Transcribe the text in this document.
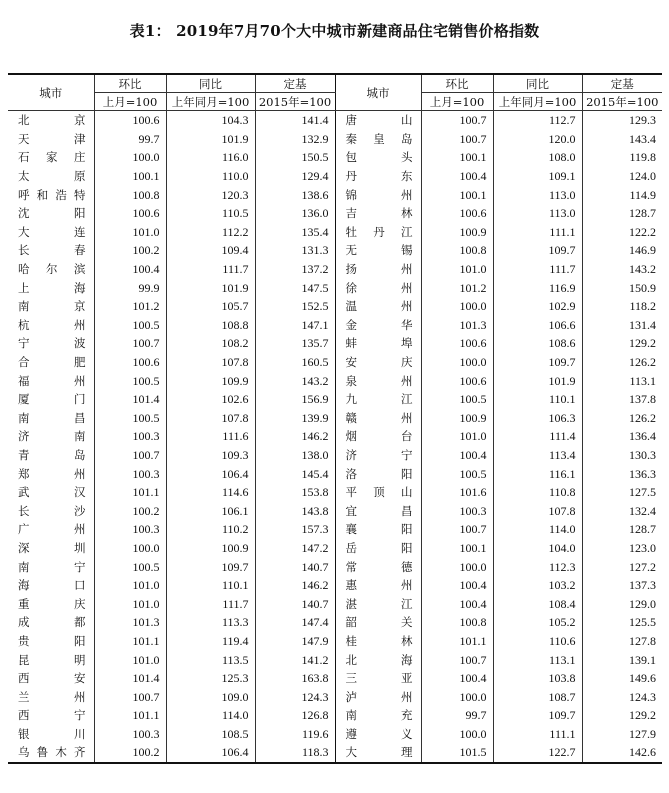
表1： 2019年7月70个大中城市新建商品住宅销售价格指数
城市	环比	同比	定基	城市	环比	同比	定基
	上月=100	上年同月=100	2015年=100		上月=100	上年同月=100	2015年=100
北京	100.6	104.3	141.4	唐山	100.7	112.7	129.3
天津	99.7	101.9	132.9	秦皇岛	100.7	120.0	143.4
石家庄	100.0	116.0	150.5	包头	100.1	108.0	119.8
太原	100.1	110.0	129.4	丹东	100.4	109.1	124.0
呼和浩特	100.8	120.3	138.6	锦州	100.1	113.0	114.9
沈阳	100.6	110.5	136.0	吉林	100.6	113.0	128.7
大连	101.0	112.2	135.4	牡丹江	100.9	111.1	122.2
长春	100.2	109.4	131.3	无锡	100.8	109.7	146.9
哈尔滨	100.4	111.7	137.2	扬州	101.0	111.7	143.2
上海	99.9	101.9	147.5	徐州	101.2	116.9	150.9
南京	101.2	105.7	152.5	温州	100.0	102.9	118.2
杭州	100.5	108.8	147.1	金华	101.3	106.6	131.4
宁波	100.7	108.2	135.7	蚌埠	100.6	108.6	129.2
合肥	100.6	107.8	160.5	安庆	100.0	109.7	126.2
福州	100.5	109.9	143.2	泉州	100.6	101.9	113.1
厦门	101.4	102.6	156.9	九江	100.5	110.1	137.8
南昌	100.5	107.8	139.9	赣州	100.9	106.3	126.2
济南	100.3	111.6	146.2	烟台	101.0	111.4	136.4
青岛	100.7	109.3	138.0	济宁	100.4	113.4	130.3
郑州	100.3	106.4	145.4	洛阳	100.5	116.1	136.3
武汉	101.1	114.6	153.8	平顶山	101.6	110.8	127.5
长沙	100.2	106.1	143.8	宜昌	100.3	107.8	132.4
广州	100.3	110.2	157.3	襄阳	100.7	114.0	128.7
深圳	100.0	100.9	147.2	岳阳	100.1	104.0	123.0
南宁	100.5	109.7	140.7	常德	100.0	112.3	127.2
海口	101.0	110.1	146.2	惠州	100.4	103.2	137.3
重庆	101.0	111.7	140.7	湛江	100.4	108.4	129.0
成都	101.3	113.3	147.4	韶关	100.8	105.2	125.5
贵阳	101.1	119.4	147.9	桂林	101.1	110.6	127.8
昆明	101.0	113.5	141.2	北海	100.7	113.1	139.1
西安	101.4	125.3	163.8	三亚	100.4	103.8	149.6
兰州	100.7	109.0	124.3	泸州	100.0	108.7	124.3
西宁	101.1	114.0	126.8	南充	99.7	109.7	129.2
银川	100.3	108.5	119.6	遵义	100.0	111.1	127.9
乌鲁木齐	100.2	106.4	118.3	大理	101.5	122.7	142.6
